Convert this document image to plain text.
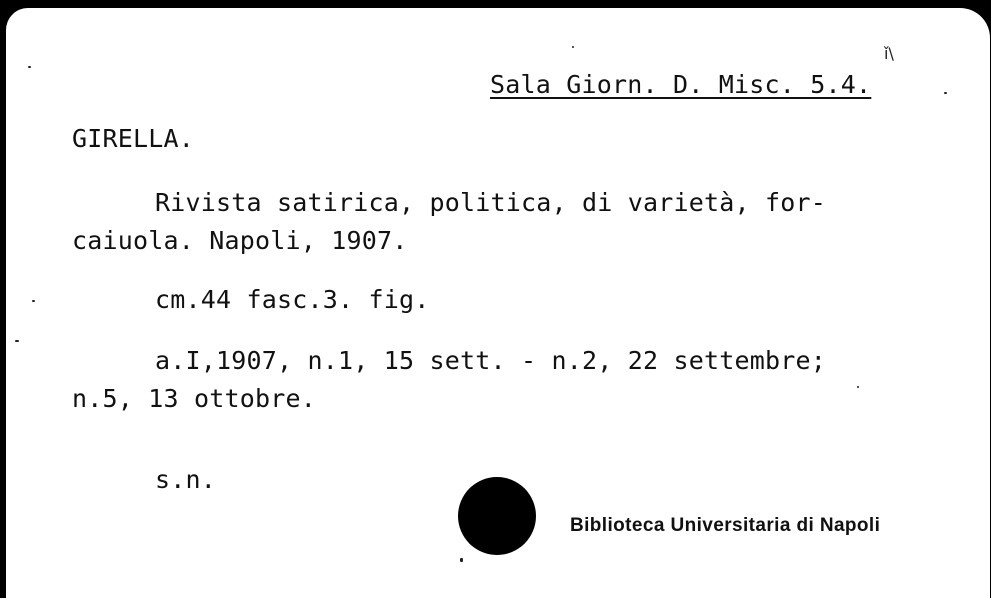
ǐ\
Sala Giorn. D. Misc. 5.4.
GIRELLA.
Rivista satirica, politica, di varietà, for-
caiuola. Napoli, 1907.
cm.44 fasc.3. fig.
a.I,1907, n.1, 15 sett. - n.2, 22 settembre;
n.5, 13 ottobre.
s.n.
Biblioteca Universitaria di Napoli
